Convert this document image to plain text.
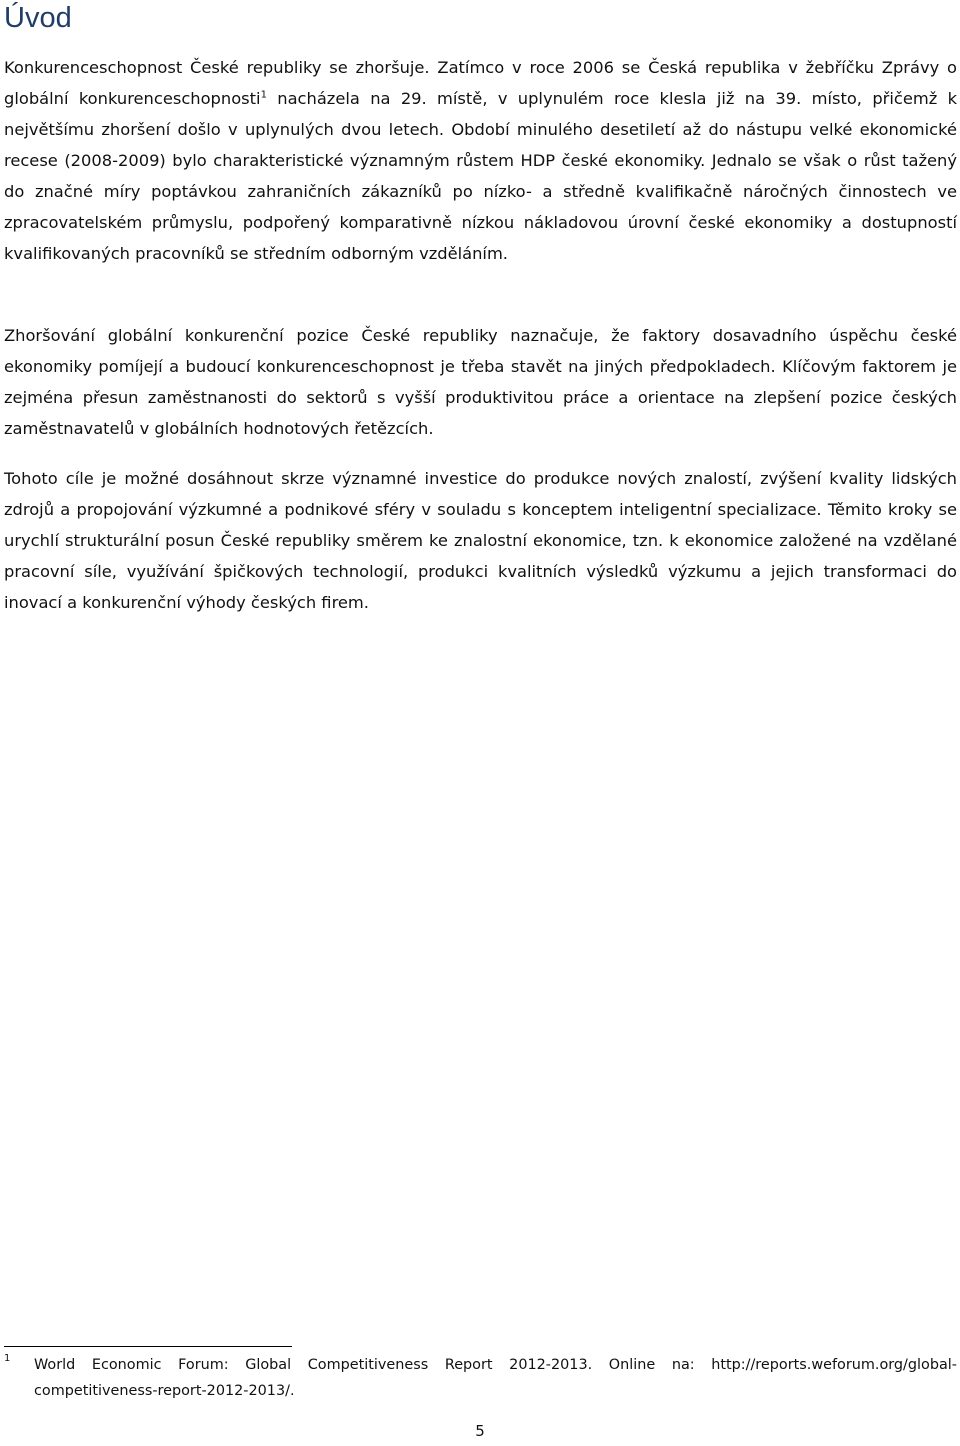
Úvod

Konkurenceschopnost České republiky se zhoršuje. Zatímco v roce 2006 se Česká republika v žebříčku Zprávy o globální konkurenceschopnosti$^1$ nacházela na 29. místě, v uplynulém roce klesla již na 39. místo, přičemž k největšímu zhoršení došlo v uplynulých dvou letech. Období minulého desetiletí až do nástupu velké ekonomické recese (2008-2009) bylo charakteristické významným růstem HDP české ekonomiky. Jednalo se však o růst tažený do značné míry poptávkou zahraničních zákazníků po nízko- a středně kvalifikačně náročných činnostech ve zpracovatelském průmyslu, podpořený komparativně nízkou nákladovou úrovní české ekonomiky a dostupností kvalifikovaných pracovníků se středním odborným vzděláním.

Zhoršování globální konkurenční pozice České republiky naznačuje, že faktory dosavadního úspěchu české ekonomiky pomíjejí a budoucí konkurenceschopnost je třeba stavět na jiných předpokladech. Klíčovým faktorem je zejména přesun zaměstnanosti do sektorů s vyšší produktivitou práce a orientace na zlepšení pozice českých zaměstnavatelů v globálních hodnotových řetězcích.

Tohoto cíle je možné dosáhnout skrze významné investice do produkce nových znalostí, zvýšení kvality lidských zdrojů a propojování výzkumné a podnikové sféry v souladu s konceptem inteligentní specializace. Těmito kroky se urychlí strukturální posun České republiky směrem ke znalostní ekonomice, tzn. k ekonomice založené na vzdělané pracovní síle, využívání špičkových technologií, produkci kvalitních výsledků výzkumu a jejich transformaci do inovací a konkurenční výhody českých firem.

1 World Economic Forum: Global Competitiveness Report 2012-2013. Online na: http://reports.weforum.org/global-competitiveness-report-2012-2013/.
5
